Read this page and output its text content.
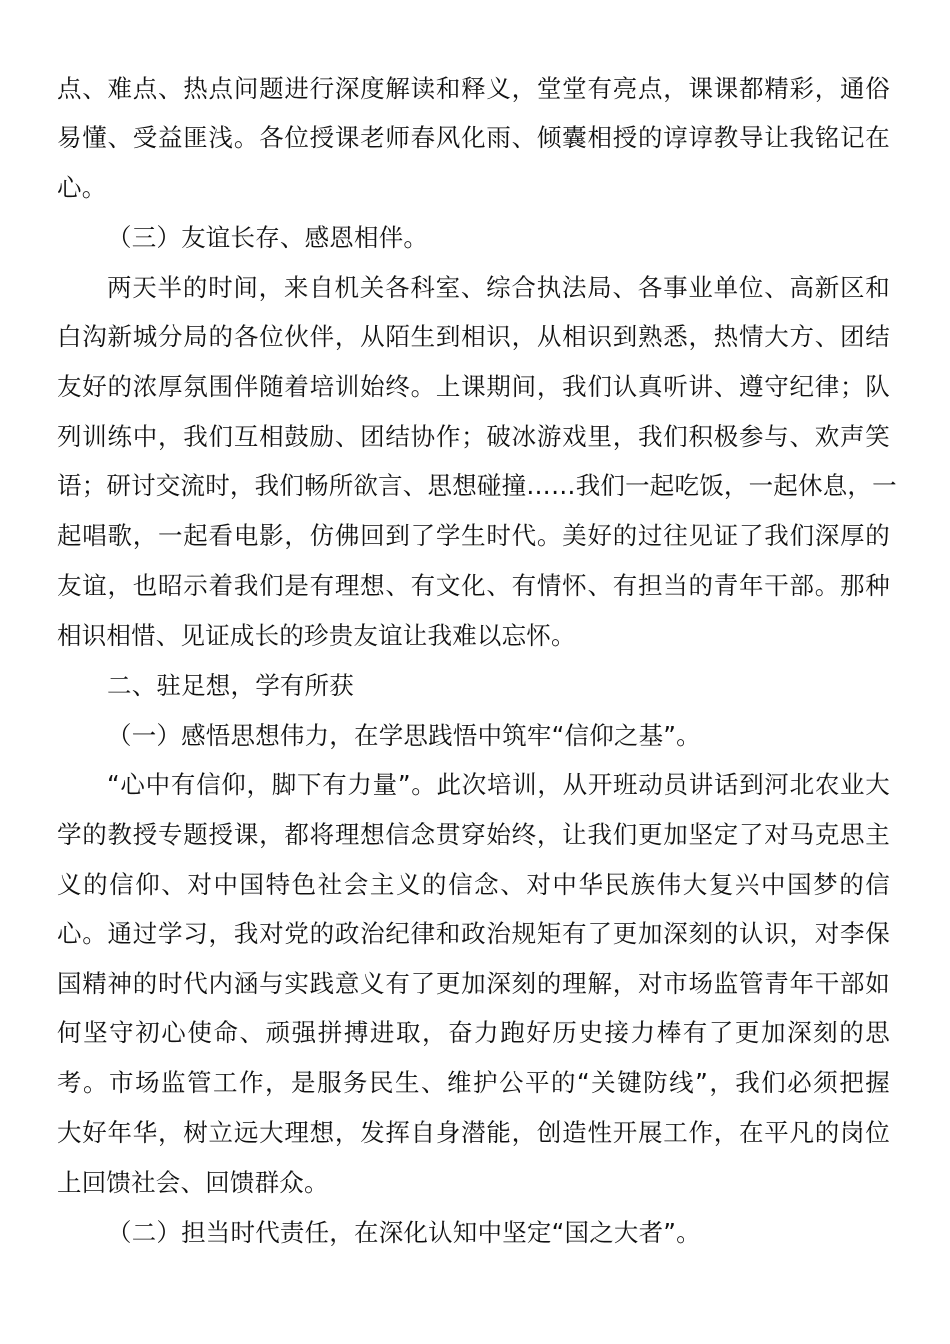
点、难点、热点问题进行深度解读和释义，堂堂有亮点，课课都精彩，通俗
易懂、受益匪浅。各位授课老师春风化雨、倾囊相授的谆谆教导让我铭记在
心。
（三）友谊长存、感恩相伴。
两天半的时间，来自机关各科室、综合执法局、各事业单位、高新区和
白沟新城分局的各位伙伴，从陌生到相识，从相识到熟悉，热情大方、团结
友好的浓厚氛围伴随着培训始终。上课期间，我们认真听讲、遵守纪律；队
列训练中，我们互相鼓励、团结协作；破冰游戏里，我们积极参与、欢声笑
语；研讨交流时，我们畅所欲言、思想碰撞……我们一起吃饭，一起休息，一
起唱歌，一起看电影，仿佛回到了学生时代。美好的过往见证了我们深厚的
友谊，也昭示着我们是有理想、有文化、有情怀、有担当的青年干部。那种
相识相惜、见证成长的珍贵友谊让我难以忘怀。
二、驻足想，学有所获
（一）感悟思想伟力，在学思践悟中筑牢“信仰之基”。
“心中有信仰，脚下有力量”。此次培训，从开班动员讲话到河北农业大
学的教授专题授课，都将理想信念贯穿始终，让我们更加坚定了对马克思主
义的信仰、对中国特色社会主义的信念、对中华民族伟大复兴中国梦的信
心。通过学习，我对党的政治纪律和政治规矩有了更加深刻的认识，对李保
国精神的时代内涵与实践意义有了更加深刻的理解，对市场监管青年干部如
何坚守初心使命、顽强拼搏进取，奋力跑好历史接力棒有了更加深刻的思
考。市场监管工作，是服务民生、维护公平的“关键防线”，我们必须把握
大好年华，树立远大理想，发挥自身潜能，创造性开展工作，在平凡的岗位
上回馈社会、回馈群众。
（二）担当时代责任，在深化认知中坚定“国之大者”。
